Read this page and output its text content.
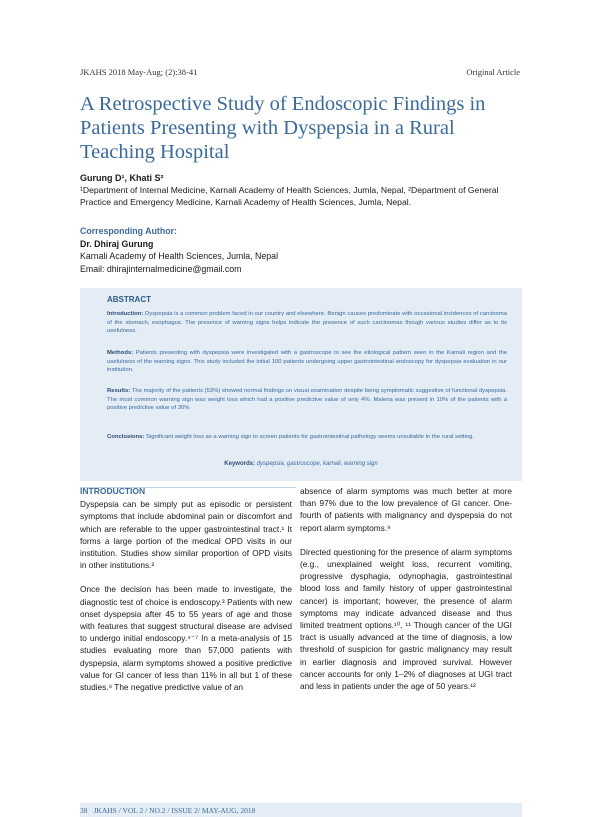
JKAHS 2018 May-Aug; (2):38-41	Original Article
A Retrospective Study of Endoscopic Findings in Patients Presenting with Dyspepsia in a Rural Teaching Hospital
Gurung D¹, Khati S²
¹Department of Internal Medicine, Karnali Academy of Health Sciences, Jumla, Nepal, ²Department of General Practice and Emergency Medicine, Karnali Academy of Health Sciences, Jumla, Nepal.
Corresponding Author:
Dr. Dhiraj Gurung
Karnali Academy of Health Sciences, Jumla, Nepal
Email: dhirajinternalmedicine@gmail.com
ABSTRACT

Introduction: Dyspepsia is a common problem faced in our country and elsewhere. Benign causes predominate with occasional incidences of carcinoma of the stomach, esophagus. The presence of warning signs helps indicate the presence of such carcinomas though various studies differ as to its usefulness.

Methods: Patients presenting with dyspepsia were investigated with a gastroscope to see the etiological pattern seen in the Karnali region and the usefulness of the warning signs. This study included the initial 100 patients undergoing upper gastrointestinal endoscopy for dyspepsia evaluation in our institution.

Results: The majority of the patients (53%) showed normal findings on visual examination despite being symptomatic suggestive of functional dyspepsia. The most common warning sign was weight loss which had a positive predictive value of only 4%. Malena was present in 10% of the patients with a positive predictive value of 30%

Conclusions: Significant weight loss as a warning sign to screen patients for gastrointestinal pathology seems unsuitable in the rural setting.

Keywords: dyspepsia, gastroscope, karnali, warning sign
INTRODUCTION

Dyspepsia can be simply put as episodic or persistent symptoms that include abdominal pain or discomfort and which are referable to the upper gastrointestinal tract.¹ It forms a large portion of the medical OPD visits in our institution. Studies show similar proportion of OPD visits in other institutions.²

Once the decision has been made to investigate, the diagnostic test of choice is endoscopy.³ Patients with new onset dyspepsia after 45 to 55 years of age and those with features that suggest structural disease are advised to undergo initial endoscopy.⁴⁻⁷ In a meta-analysis of 15 studies evaluating more than 57,000 patients with dyspepsia, alarm symptoms showed a positive predictive value for GI cancer of less than 11% in all but 1 of these studies.⁸ The negative predictive value of an

absence of alarm symptoms was much better at more than 97% due to the low prevalence of GI cancer. One-fourth of patients with malignancy and dyspepsia do not report alarm symptoms.⁹

Directed questioning for the presence of alarm symptoms (e.g., unexplained weight loss, recurrent vomiting, progressive dysphagia, odynophagia, gastrointestinal blood loss and family history of upper gastrointestinal cancer) is important; however, the presence of alarm symptoms may indicate advanced disease and thus limited treatment options.¹⁰, ¹¹ Though cancer of the UGI tract is usually advanced at the time of diagnosis, a low threshold of suspicion for gastric malignancy may result in earlier diagnosis and improved survival. However cancer accounts for only 1–2% of diagnoses at UGI tract and less in patients under the age of 50 years.¹²

38 JKAHS / VOL 2 / NO.2 / ISSUE 2/ MAY-AUG, 2018
